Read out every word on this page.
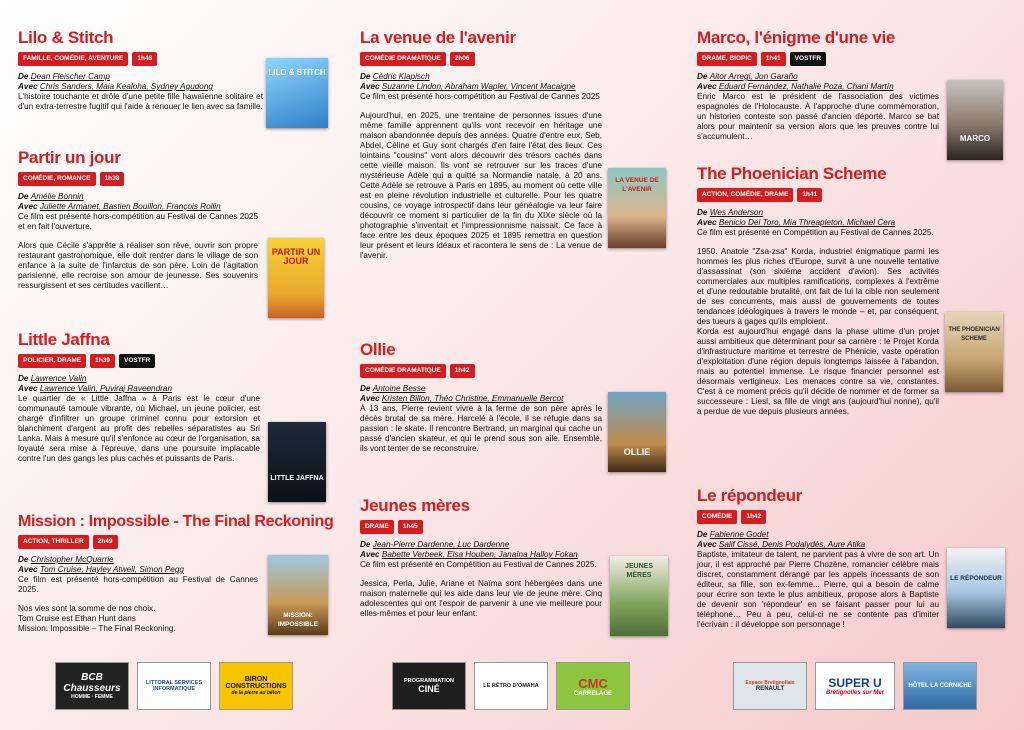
Lilo & Stitch
FAMILLE, COMÉDIE, AVENTURE	1h48
De Dean Fleischer Camp
Avec Chris Sanders, Maia Kealoha, Sydney Agudong

L'histoire touchante et drôle d'une petite fille hawaïenne solitaire et d'un extra-terrestre fugitif qui l'aide à renouer le lien avec sa famille.

LILO & STITCH
Partir un jour
COMÉDIE, ROMANCE	1h38
De Amélie Bonnin
Avec Juliette Armanet, Bastien Bouillon, François Rollin

Ce film est présenté hors-compétition au Festival de Cannes 2025 et en fait l'ouverture.

Alors que Cécile s'apprête à réaliser son rêve, ouvrir son propre restaurant gastronomique, elle doit rentrer dans le village de son enfance à la suite de l'infarctus de son père. Loin de l'agitation parisienne, elle recroise son amour de jeunesse. Ses souvenirs ressurgissent et ses certitudes vacillent…

PARTIR UN JOUR
Little Jaffna
POLICIER, DRAME	1h39	VOSTFR
De Lawrence Valin
Avec Lawrence Valin, Puviraj Raveendran

Le quartier de « Little Jaffna » à Paris est le cœur d'une communauté tamoule vibrante, où Michael, un jeune policier, est chargé d'infiltrer un groupe criminel connu pour extorsion et blanchiment d'argent au profit des rebelles séparatistes au Sri Lanka. Mais à mesure qu'il s'enfonce au cœur de l'organisation, sa loyauté sera mise à l'épreuve, dans une poursuite implacable contre l'un des gangs les plus cachés et puissants de Paris.

LITTLE JAFFNA
Mission : Impossible - The Final Reckoning
ACTION, THRILLER	2h49
De Christopher McQuarrie
Avec Tom Cruise, Hayley Atwell, Simon Pegg

Ce film est présenté hors-compétition au Festival de Cannes 2025.

Nos vies sont la somme de nos choix.
Tom Cruise est Ethan Hunt dans
Mission: Impossible – The Final Reckoning.

MISSION: IMPOSSIBLE
La venue de l'avenir
COMÉDIE DRAMATIQUE	2h06
De Cédric Klapisch
Avec Suzanne Lindon, Abraham Wapler, Vincent Macaigne

Ce film est présenté hors-compétition au Festival de Cannes 2025

Aujourd'hui, en 2025, une trentaine de personnes issues d'une même famille apprennent qu'ils vont recevoir en héritage une maison abandonnée depuis des années. Quatre d'entre eux, Seb, Abdel, Céline et Guy sont chargés d'en faire l'état des lieux. Ces lointains "cousins" vont alors découvrir des trésors cachés dans cette vieille maison. Ils vont se retrouver sur les traces d'une mystérieuse Adèle qui a quitté sa Normandie natale, à 20 ans. Cette Adèle se retrouve à Paris en 1895, au moment où cette ville est en pleine révolution industrielle et culturelle. Pour les quatre cousins, ce voyage introspectif dans leur généalogie va leur faire découvrir ce moment si particulier de la fin du XIXe siècle où la photographie s'inventait et l'impressionnisme naissait. Ce face à face entre les deux époques 2025 et 1895 remettra en question leur présent et leurs idéaux et racontera le sens de : La venue de l'avenir.

LA VENUE DE L'AVENIR
Ollie
COMÉDIE DRAMATIQUE	1h42
De Antoine Besse
Avec Kristen Billon, Théo Christine, Emmanuelle Bercot

À 13 ans, Pierre revient vivre à la ferme de son père après le décès brutal de sa mère. Harcelé à l'école, il se réfugie dans sa passion : le skate. Il rencontre Bertrand, un marginal qui cache un passé d'ancien skateur, et qui le prend sous son aile. Ensemble, ils vont tenter de se reconstruire.	OLLIE
Jeunes mères
DRAME	1h45
De Jean-Pierre Dardenne, Luc Dardenne
Avec Babette Verbeek, Elsa Houben, Janaïna Halloy Fokan

Ce film est présenté en Compétition au Festival de Cannes 2025.

Jessica, Perla, Julie, Ariane et Naïma sont hébergées dans une maison maternelle qui les aide dans leur vie de jeune mère. Cinq adolescentes qui ont l'espoir de parvenir à une vie meilleure pour elles-mêmes et pour leur enfant.

JEUNES MÈRES
Marco, l'énigme d'une vie
DRAME, BIOPIC	1h41	VOSTFR
De Aitor Arregi, Jon Garaño
Avec Eduard Fernández, Nathalie Poza, Chani Martín

Enric Marco est le président de l'association des victimes espagnoles de l'Holocauste. À l'approche d'une commémoration, un historien conteste son passé d'ancien déporté. Marco se bat alors pour maintenir sa version alors que les preuves contre lui s'accumulent…	MARCO
The Phoenician Scheme
ACTION, COMÉDIE, DRAME	1h41
De Wes Anderson
Avec Benicio Del Toro, Mia Threapleton, Michael Cera

Ce film est présenté en Compétition au Festival de Cannes 2025.

1950. Anatole "Zsa-zsa" Korda, industriel énigmatique parmi les hommes les plus riches d'Europe, survit à une nouvelle tentative d'assassinat (son sixième accident d'avion). Ses activités commerciales aux multiples ramifications, complexes à l'extrême et d'une redoutable brutalité, ont fait de lui la cible non seulement de ses concurrents, mais aussi de gouvernements de toutes tendances idéologiques à travers le monde – et, par conséquent, des tueurs à gages qu'ils emploient.
Korda est aujourd'hui engagé dans la phase ultime d'un projet aussi ambitieux que déterminant pour sa carrière : le Projet Korda d'infrastructure maritime et terrestre de Phénicie, vaste opération d'exploitation d'une région depuis longtemps laissée à l'abandon, mais au potentiel immense. Le risque financier personnel est désormais vertigineux. Les menaces contre sa vie, constantes. C'est à ce moment précis qu'il décide de nommer et de former sa successeure : Liesl, sa fille de vingt ans (aujourd'hui nonne), qu'il a perdue de vue depuis plusieurs années.

THE PHOENICIAN SCHEME
Le répondeur
COMÉDIE	1h42
De Fabienne Godet
Avec Salif Cissé, Denis Podalydès, Aure Atika

Baptiste, imitateur de talent, ne parvient pas à vivre de son art. Un jour, il est approché par Pierre Chozène, romancier célèbre mais discret, constamment dérangé par les appels incessants de son éditeur, sa fille, son ex-femme... Pierre, qui a besoin de calme pour écrire son texte le plus ambitieux, propose alors à Baptiste de devenir son 'répondeur' en se faisant passer pour lui au téléphone… Peu à peu, celui-ci ne se contente pas d'imiter l'écrivain : il développe son personnage !

LE RÉPONDEUR
BCB Chausseurs
HOMME · FEMME
LITTORAL SERVICES INFORMATIQUE
BIRON CONSTRUCTIONS
de la pierre au béton
PROGRAMMATION
CINÉ	LE RÉTRO D'OMAHA	CMC
CARRELAGE
Espace Bretignollais
RENAULT	SUPER U
Brétignolles sur Mer
HÔTEL LA CORNICHE
